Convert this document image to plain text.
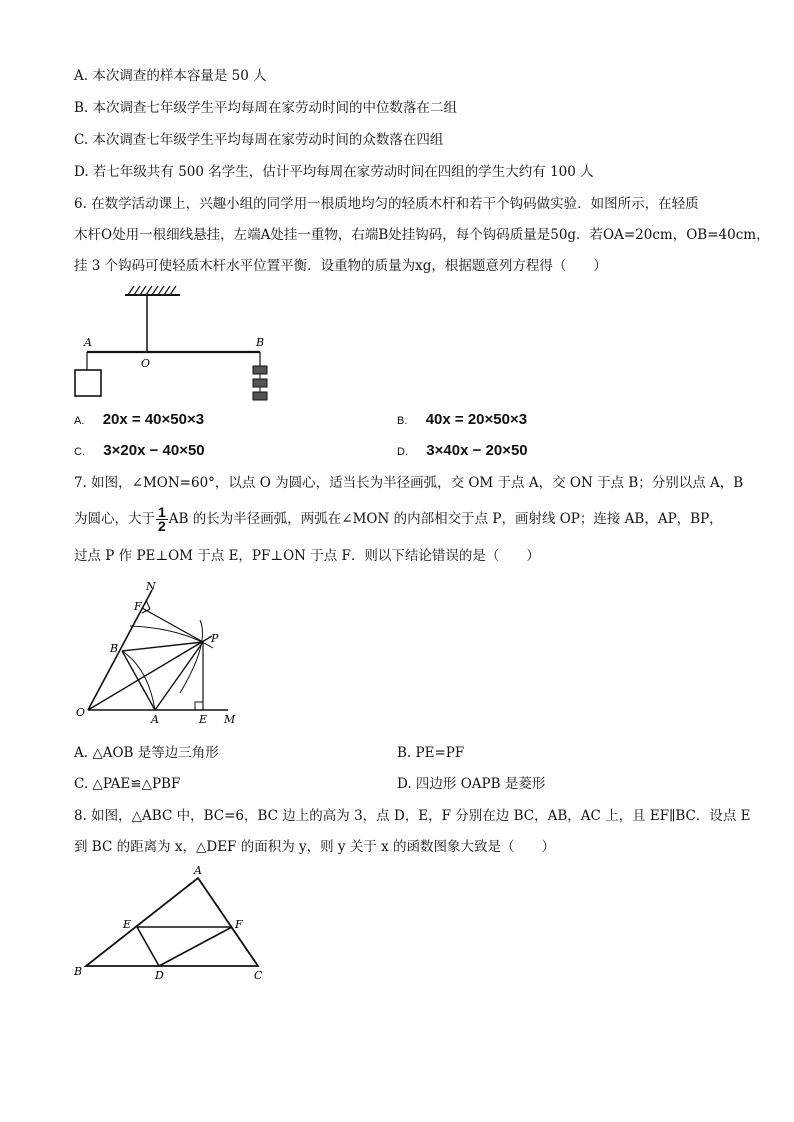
A. 本次调查的样本容量是 50 人
B. 本次调查七年级学生平均每周在家劳动时间的中位数落在二组
C. 本次调查七年级学生平均每周在家劳动时间的众数落在四组
D. 若七年级共有 500 名学生，估计平均每周在家劳动时间在四组的学生大约有 100 人
6. 在数学活动课上，兴趣小组的同学用一根质地均匀的轻质木杆和若干个钩码做实验．如图所示，在轻质
木杆O处用一根细线悬挂，左端A处挂一重物，右端B处挂钩码，每个钩码质量是50g．若OA=20cm，OB=40cm，
挂 3 个钩码可使轻质木杆水平位置平衡．设重物的质量为xg，根据题意列方程得（　　）
A
O
B
A. 20x = 40×50×3	B. 40x = 20×50×3
C. 3×20x − 40×50	D. 3×40x − 20×50
7. 如图，∠MON=60°，以点 O 为圆心，适当长为半径画弧，交 OM 于点 A，交 ON 于点 B；分别以点 A，B
为圆心，大于 $\frac{1}{2}$ AB 的长为半径画弧，两弧在∠MON 的内部相交于点 P，画射线 OP；连接 AB，AP，BP，
过点 P 作 PE⊥OM 于点 E，PF⊥ON 于点 F．则以下结论错误的是（　　）
N
F
B
P
O
A	E M
A. △AOB 是等边三角形	B. PE=PF
C. △PAE≌△PBF	D. 四边形 OAPB 是菱形
8. 如图，△ABC 中，BC=6，BC 边上的高为 3，点 D，E，F 分别在边 BC，AB，AC 上，且 EF∥BC．设点 E
到 BC 的距离为 x，△DEF 的面积为 y，则 y 关于 x 的函数图象大致是（　　）
A
E	F
B	D	C
